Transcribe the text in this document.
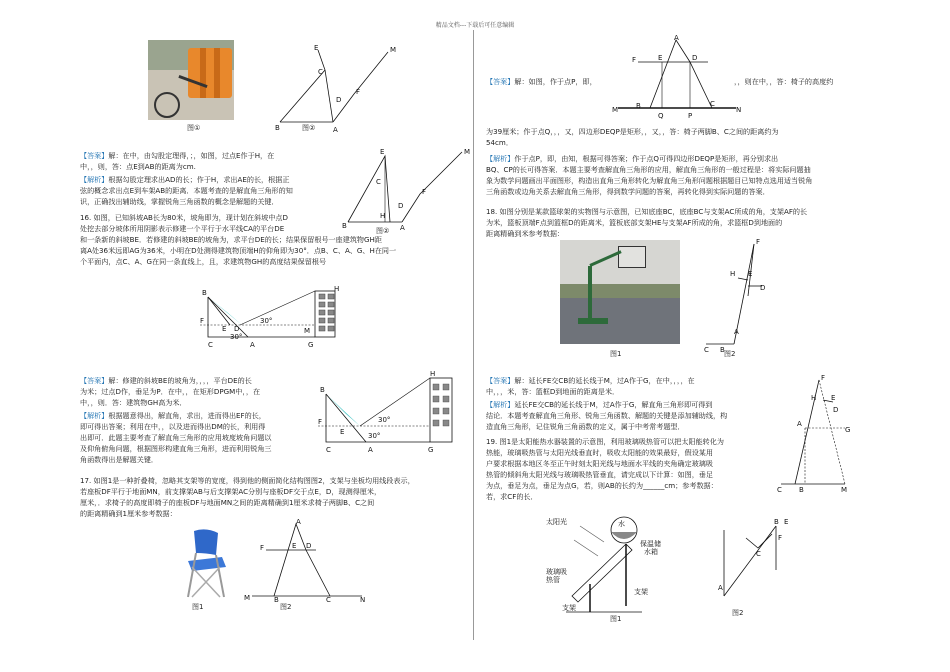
精品文档---下载后可任意编辑
图①
E
C
B	A
M
F
D
图②
【答案】解：在中，由勾股定理得，；，如图，过点E作于H，在
中，，则，答：点E到AB的距离为cm.
【解析】根据勾股定理求出AD的长；作于H，求出AE的长，根据正
弦的概念求出点E到车架AB的距离．本题考查的是解直角三角形的知
识，正确找出辅助线，掌握锐角三角函数的概念是解题的关键．
E
C
B	A
M
F
H
D
图②
16. 如图，已知斜坡AB长为80米，坡角即为，现计划在斜坡中点D
处挖去部分坡体所用阴影表示修建一个平行于水平线CA的平台DE
和一条新的斜坡BE．若修建的斜坡BE的坡角为，求平台DE的长；结果保留根号一座建筑物GH距
离A处36米远即AG为36米，小明在D处测得建筑物顶端H的仰角即为30°．点B、C、A、G、H在同一
个平面内，点C、A、G在同一条直线上，且，求建筑物GH的高度结果保留根号
B
F
E D
C	A	G
M
H
30°
30°
【答案】解：修建的斜坡BE的坡角为，，，，平台DE的长
为米；过点D作，垂足为P．在中，，在矩形DPGM中，，在
中，，则．答：建筑物GH高为米．
【解析】根据题意得出，解直角，求出，进而得出EF的长，
即可得出答案；利用在中，，以及进而得出DM的长，利用得
出即可．此题主要考查了解直角三角形的应用坡度坡角问题以
及仰角俯角问题，根据图形构建直角三角形，进而利用锐角三
角函数得出是解题关键．
B
F
E
C	A	G
H
30°
30°
17. 如图1是一种折叠椅，忽略其支架等的宽度，得到他的侧面简化结构图图2，支架与坐板均用线段表示，
若座板DF平行于地面MN，前支撑架AB与后支撑架AC分别与座板DF交于点E，D，现测得厘米，
厘米，．求椅子的高度即椅子的座板DF与地面MN之间的距离精确到1厘米求椅子两脚B、C之间
的距离精确到1厘米参考数据：
图1
F	E D
A
M	B	C	N
图2
F	E	D
A
M	B	C
N
Q	P
【答案】解：如图，作于点P，即，	，，则在中，，答：椅子的高度约
为39厘米；作于点Q，，，又，四边形DEQP是矩形，，又，，答：椅子两脚B、C之间的距离约为
54cm．
【解析】作于点P，即，由知，根据可得答案；作于点Q可得四边形DEQP是矩形，再分别求出
BQ、CP的长可得答案．本题主要考查解直角三角形的应用，解直角三角形的一般过程是：将实际问题抽
象为数学问题画出平面图形，构造出直角三角形转化为解直角三角形问题根据题目已知特点选用适当锐角
三角函数或边角关系去解直角三角形，得到数学问题的答案，再转化得到实际问题的答案．
18. 如图分别是某款篮球架的实物图与示意图，已知底座BC，底座BC与支架AC所成的角，支架AF的长
为米，篮板顶端F点到篮框D的距离米，篮板底部支架HE与支架AF所成的角，求篮框D到地面的
距离精确到米参考数据：
图1
F
H E
D
A
C B 图2
【答案】解：延长FE交CB的延长线于M，过A作于G，在中，，，，在
中，，，米，答：篮框D到地面的距离是米．
【解析】延长FE交CB的延长线于M，过A作于G，解直角三角形即可得到
结论．本题考查解直角三角形、锐角三角函数、解题的关键是添加辅助线，构
造直角三角形，记住锐角三角函数的定义，属于中考常考题型．
F
H E
D
A
G
C B	M
19. 图1是太阳能热水器装置的示意图，利用玻璃吸热管可以把太阳能转化为
热能，玻璃吸热管与太阳光线垂直时，吸收太阳能的效果最好，假设某用
户要求根据本地区冬至正午时刻太阳光线与地面水平线的夹角确定玻璃吸
热管的倾斜角太阳光线与玻璃吸热管垂直，请完成以下计算：如图，垂足
为点，垂足为点，垂足为点G，若，则AB的长约为______cm；参考数据：
若，求CF的长．
水
太阳光
保温储
水箱
玻璃吸
热管
支架
支架
图1
B E
F
A
C
图2
